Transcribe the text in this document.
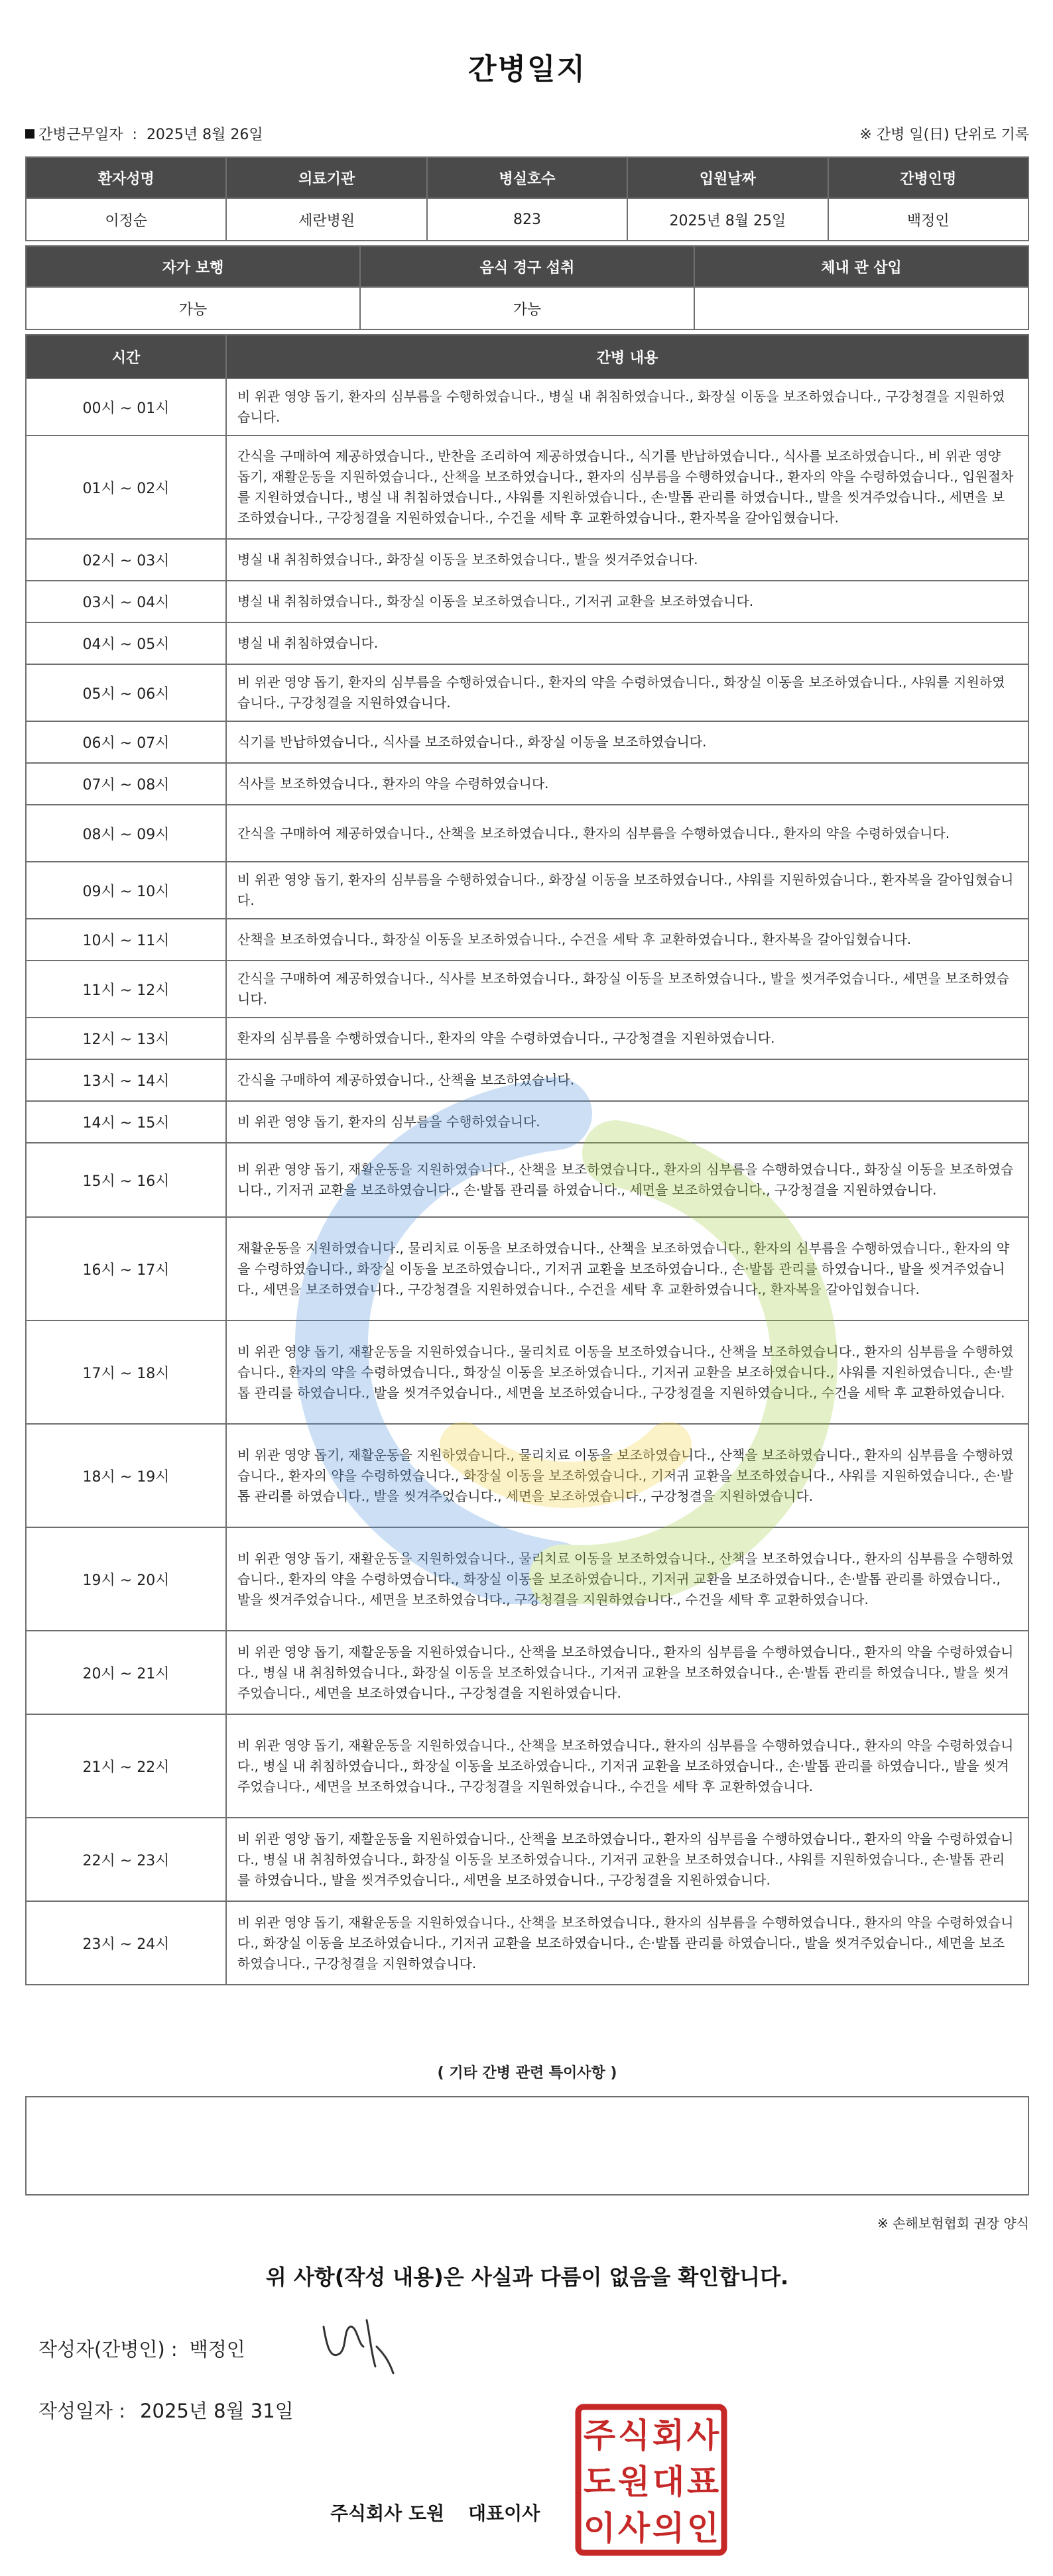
간병일지
간병근무일자 : 2025년 8월 26일	※ 간병 일(日) 단위로 기록
환자성명	의료기관	병실호수	입원날짜	간병인명
이정순	세란병원	823	2025년 8월 25일	백정인
자가 보행	음식 경구 섭취	체내 관 삽입
가능	가능	
시간	간병 내용
00시 ~ 01시	비 위관 영양 돕기, 환자의 심부름을 수행하였습니다., 병실 내 취침하였습니다., 화장실 이동을 보조하였습니다., 구강청결을 지원하였습니다.
01시 ~ 02시	간식을 구매하여 제공하였습니다., 반찬을 조리하여 제공하였습니다., 식기를 반납하였습니다., 식사를 보조하였습니다., 비 위관 영양 돕기, 재활운동을 지원하였습니다., 산책을 보조하였습니다., 환자의 심부름을 수행하였습니다., 환자의 약을 수령하였습니다., 입원절차를 지원하였습니다., 병실 내 취침하였습니다., 샤워를 지원하였습니다., 손·발톱 관리를 하였습니다., 발을 씻겨주었습니다., 세면을 보조하였습니다., 구강청결을 지원하였습니다., 수건을 세탁 후 교환하였습니다., 환자복을 갈아입혔습니다.
02시 ~ 03시	병실 내 취침하였습니다., 화장실 이동을 보조하였습니다., 발을 씻겨주었습니다.
03시 ~ 04시	병실 내 취침하였습니다., 화장실 이동을 보조하였습니다., 기저귀 교환을 보조하였습니다.
04시 ~ 05시	병실 내 취침하였습니다.
05시 ~ 06시	비 위관 영양 돕기, 환자의 심부름을 수행하였습니다., 환자의 약을 수령하였습니다., 화장실 이동을 보조하였습니다., 샤워를 지원하였습니다., 구강청결을 지원하였습니다.
06시 ~ 07시	식기를 반납하였습니다., 식사를 보조하였습니다., 화장실 이동을 보조하였습니다.
07시 ~ 08시	식사를 보조하였습니다., 환자의 약을 수령하였습니다.
08시 ~ 09시	간식을 구매하여 제공하였습니다., 산책을 보조하였습니다., 환자의 심부름을 수행하였습니다., 환자의 약을 수령하였습니다.
09시 ~ 10시	비 위관 영양 돕기, 환자의 심부름을 수행하였습니다., 화장실 이동을 보조하였습니다., 샤워를 지원하였습니다., 환자복을 갈아입혔습니다.
10시 ~ 11시	산책을 보조하였습니다., 화장실 이동을 보조하였습니다., 수건을 세탁 후 교환하였습니다., 환자복을 갈아입혔습니다.
11시 ~ 12시	간식을 구매하여 제공하였습니다., 식사를 보조하였습니다., 화장실 이동을 보조하였습니다., 발을 씻겨주었습니다., 세면을 보조하였습니다.
12시 ~ 13시	환자의 심부름을 수행하였습니다., 환자의 약을 수령하였습니다., 구강청결을 지원하였습니다.
13시 ~ 14시	간식을 구매하여 제공하였습니다., 산책을 보조하였습니다.
14시 ~ 15시	비 위관 영양 돕기, 환자의 심부름을 수행하였습니다.
15시 ~ 16시	비 위관 영양 돕기, 재활운동을 지원하였습니다., 산책을 보조하였습니다., 환자의 심부름을 수행하였습니다., 화장실 이동을 보조하였습니다., 기저귀 교환을 보조하였습니다., 손·발톱 관리를 하였습니다., 세면을 보조하였습니다., 구강청결을 지원하였습니다.
16시 ~ 17시	재활운동을 지원하였습니다., 물리치료 이동을 보조하였습니다., 산책을 보조하였습니다., 환자의 심부름을 수행하였습니다., 환자의 약을 수령하였습니다., 화장실 이동을 보조하였습니다., 기저귀 교환을 보조하였습니다., 손·발톱 관리를 하였습니다., 발을 씻겨주었습니다., 세면을 보조하였습니다., 구강청결을 지원하였습니다., 수건을 세탁 후 교환하였습니다., 환자복을 갈아입혔습니다.
17시 ~ 18시	비 위관 영양 돕기, 재활운동을 지원하였습니다., 물리치료 이동을 보조하였습니다., 산책을 보조하였습니다., 환자의 심부름을 수행하였습니다., 환자의 약을 수령하였습니다., 화장실 이동을 보조하였습니다., 기저귀 교환을 보조하였습니다., 샤워를 지원하였습니다., 손·발톱 관리를 하였습니다., 발을 씻겨주었습니다., 세면을 보조하였습니다., 구강청결을 지원하였습니다., 수건을 세탁 후 교환하였습니다.
18시 ~ 19시	비 위관 영양 돕기, 재활운동을 지원하였습니다., 물리치료 이동을 보조하였습니다., 산책을 보조하였습니다., 환자의 심부름을 수행하였습니다., 환자의 약을 수령하였습니다., 화장실 이동을 보조하였습니다., 기저귀 교환을 보조하였습니다., 샤워를 지원하였습니다., 손·발톱 관리를 하였습니다., 발을 씻겨주었습니다., 세면을 보조하였습니다., 구강청결을 지원하였습니다.
19시 ~ 20시	비 위관 영양 돕기, 재활운동을 지원하였습니다., 물리치료 이동을 보조하였습니다., 산책을 보조하였습니다., 환자의 심부름을 수행하였습니다., 환자의 약을 수령하였습니다., 화장실 이동을 보조하였습니다., 기저귀 교환을 보조하였습니다., 손·발톱 관리를 하였습니다., 발을 씻겨주었습니다., 세면을 보조하였습니다., 구강청결을 지원하였습니다., 수건을 세탁 후 교환하였습니다.
20시 ~ 21시	비 위관 영양 돕기, 재활운동을 지원하였습니다., 산책을 보조하였습니다., 환자의 심부름을 수행하였습니다., 환자의 약을 수령하였습니다., 병실 내 취침하였습니다., 화장실 이동을 보조하였습니다., 기저귀 교환을 보조하였습니다., 손·발톱 관리를 하였습니다., 발을 씻겨주었습니다., 세면을 보조하였습니다., 구강청결을 지원하였습니다.
21시 ~ 22시	비 위관 영양 돕기, 재활운동을 지원하였습니다., 산책을 보조하였습니다., 환자의 심부름을 수행하였습니다., 환자의 약을 수령하였습니다., 병실 내 취침하였습니다., 화장실 이동을 보조하였습니다., 기저귀 교환을 보조하였습니다., 손·발톱 관리를 하였습니다., 발을 씻겨주었습니다., 세면을 보조하였습니다., 구강청결을 지원하였습니다., 수건을 세탁 후 교환하였습니다.
22시 ~ 23시	비 위관 영양 돕기, 재활운동을 지원하였습니다., 산책을 보조하였습니다., 환자의 심부름을 수행하였습니다., 환자의 약을 수령하였습니다., 병실 내 취침하였습니다., 화장실 이동을 보조하였습니다., 기저귀 교환을 보조하였습니다., 샤워를 지원하였습니다., 손·발톱 관리를 하였습니다., 발을 씻겨주었습니다., 세면을 보조하였습니다., 구강청결을 지원하였습니다.
23시 ~ 24시	비 위관 영양 돕기, 재활운동을 지원하였습니다., 산책을 보조하였습니다., 환자의 심부름을 수행하였습니다., 환자의 약을 수령하였습니다., 화장실 이동을 보조하였습니다., 기저귀 교환을 보조하였습니다., 손·발톱 관리를 하였습니다., 발을 씻겨주었습니다., 세면을 보조하였습니다., 구강청결을 지원하였습니다.
( 기타 간병 관련 특이사항 )
※ 손해보험협회 권장 양식
위 사항(작성 내용)은 사실과 다름이 없음을 확인합니다.
작성자(간병인) : 백정인
작성일자 : 2025년 8월 31일
주식회사 도원 대표이사
주 식 회 사
도 원 대 표
이 사 의 인
